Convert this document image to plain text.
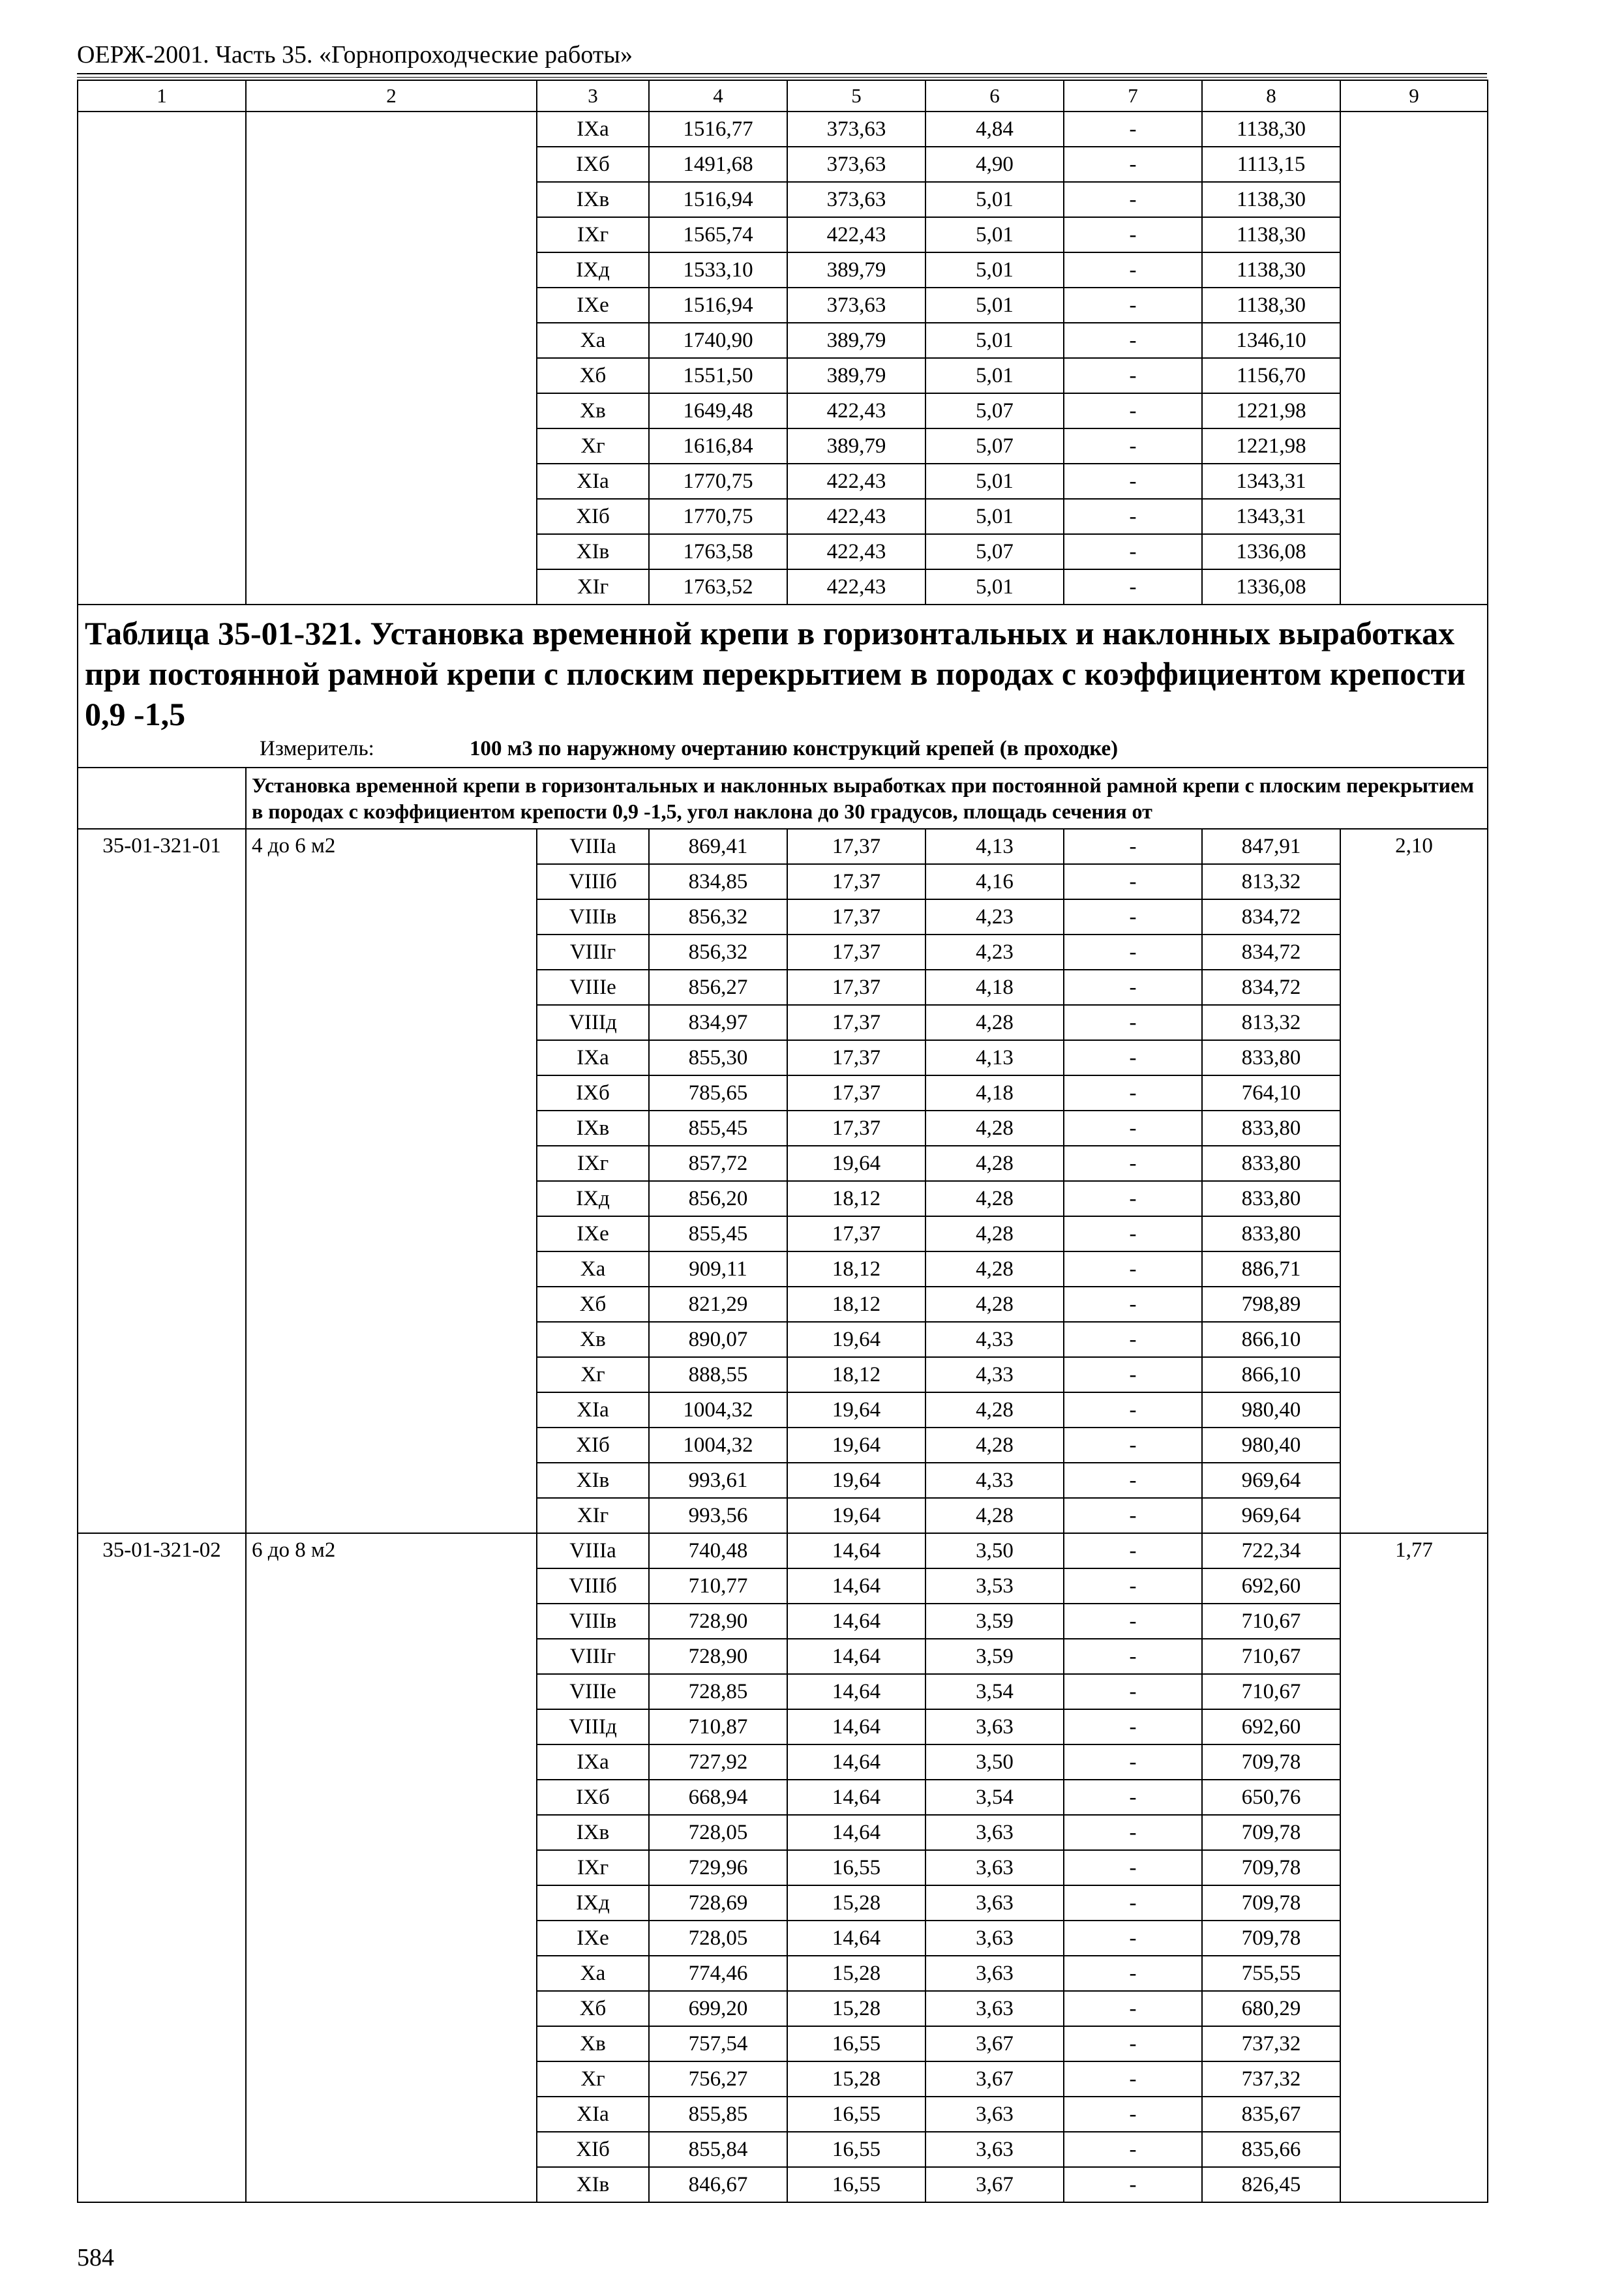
ОЕРЖ-2001. Часть 35. «Горнопроходческие работы»
1	2	3	4	5	6	7	8	9
		IXа	1516,77	373,63	4,84	-	1138,30	
		IXб	1491,68	373,63	4,90	-	1113,15	
		IXв	1516,94	373,63	5,01	-	1138,30	
		IXг	1565,74	422,43	5,01	-	1138,30	
		IXд	1533,10	389,79	5,01	-	1138,30	
		IXе	1516,94	373,63	5,01	-	1138,30	
		Xа	1740,90	389,79	5,01	-	1346,10	
		Xб	1551,50	389,79	5,01	-	1156,70	
		Xв	1649,48	422,43	5,07	-	1221,98	
		Xг	1616,84	389,79	5,07	-	1221,98	
		XIа	1770,75	422,43	5,01	-	1343,31	
		XIб	1770,75	422,43	5,01	-	1343,31	
		XIв	1763,58	422,43	5,07	-	1336,08	
		XIг	1763,52	422,43	5,01	-	1336,08	

Таблица 35-01-321. Установка временной крепи в горизонтальных и наклонных выработках при постоянной рамной крепи с плоским перекрытием в породах с коэффициентом крепости 0,9 -1,5
Измеритель: 100 м3 по наружному очертанию конструкций крепей (в проходке)								

	Установка временной крепи в горизонтальных и наклонных выработках при постоянной рамной крепи с плоским перекрытием в породах с коэффициентом крепости 0,9 -1,5, угол наклона до 30 градусов, площадь сечения от							
35-01-321-01	4 до 6 м2	VIIIа	869,41	17,37	4,13	-	847,91	2,10
		VIIIб	834,85	17,37	4,16	-	813,32	
		VIIIв	856,32	17,37	4,23	-	834,72	
		VIIIг	856,32	17,37	4,23	-	834,72	
		VIIIе	856,27	17,37	4,18	-	834,72	
		VIIIд	834,97	17,37	4,28	-	813,32	
		IXа	855,30	17,37	4,13	-	833,80	
		IXб	785,65	17,37	4,18	-	764,10	
		IXв	855,45	17,37	4,28	-	833,80	
		IXг	857,72	19,64	4,28	-	833,80	
		IXд	856,20	18,12	4,28	-	833,80	
		IXе	855,45	17,37	4,28	-	833,80	
		Xа	909,11	18,12	4,28	-	886,71	
		Xб	821,29	18,12	4,28	-	798,89	
		Xв	890,07	19,64	4,33	-	866,10	
		Xг	888,55	18,12	4,33	-	866,10	
		XIа	1004,32	19,64	4,28	-	980,40	
		XIб	1004,32	19,64	4,28	-	980,40	
		XIв	993,61	19,64	4,33	-	969,64	
		XIг	993,56	19,64	4,28	-	969,64	
35-01-321-02	6 до 8 м2	VIIIа	740,48	14,64	3,50	-	722,34	1,77
		VIIIб	710,77	14,64	3,53	-	692,60	
		VIIIв	728,90	14,64	3,59	-	710,67	
		VIIIг	728,90	14,64	3,59	-	710,67	
		VIIIе	728,85	14,64	3,54	-	710,67	
		VIIIд	710,87	14,64	3,63	-	692,60	
		IXа	727,92	14,64	3,50	-	709,78	
		IXб	668,94	14,64	3,54	-	650,76	
		IXв	728,05	14,64	3,63	-	709,78	
		IXг	729,96	16,55	3,63	-	709,78	
		IXд	728,69	15,28	3,63	-	709,78	
		IXе	728,05	14,64	3,63	-	709,78	
		Xа	774,46	15,28	3,63	-	755,55	
		Xб	699,20	15,28	3,63	-	680,29	
		Xв	757,54	16,55	3,67	-	737,32	
		Xг	756,27	15,28	3,67	-	737,32	
		XIа	855,85	16,55	3,63	-	835,67	
		XIб	855,84	16,55	3,63	-	835,66	
		XIв	846,67	16,55	3,67	-	826,45	
584
